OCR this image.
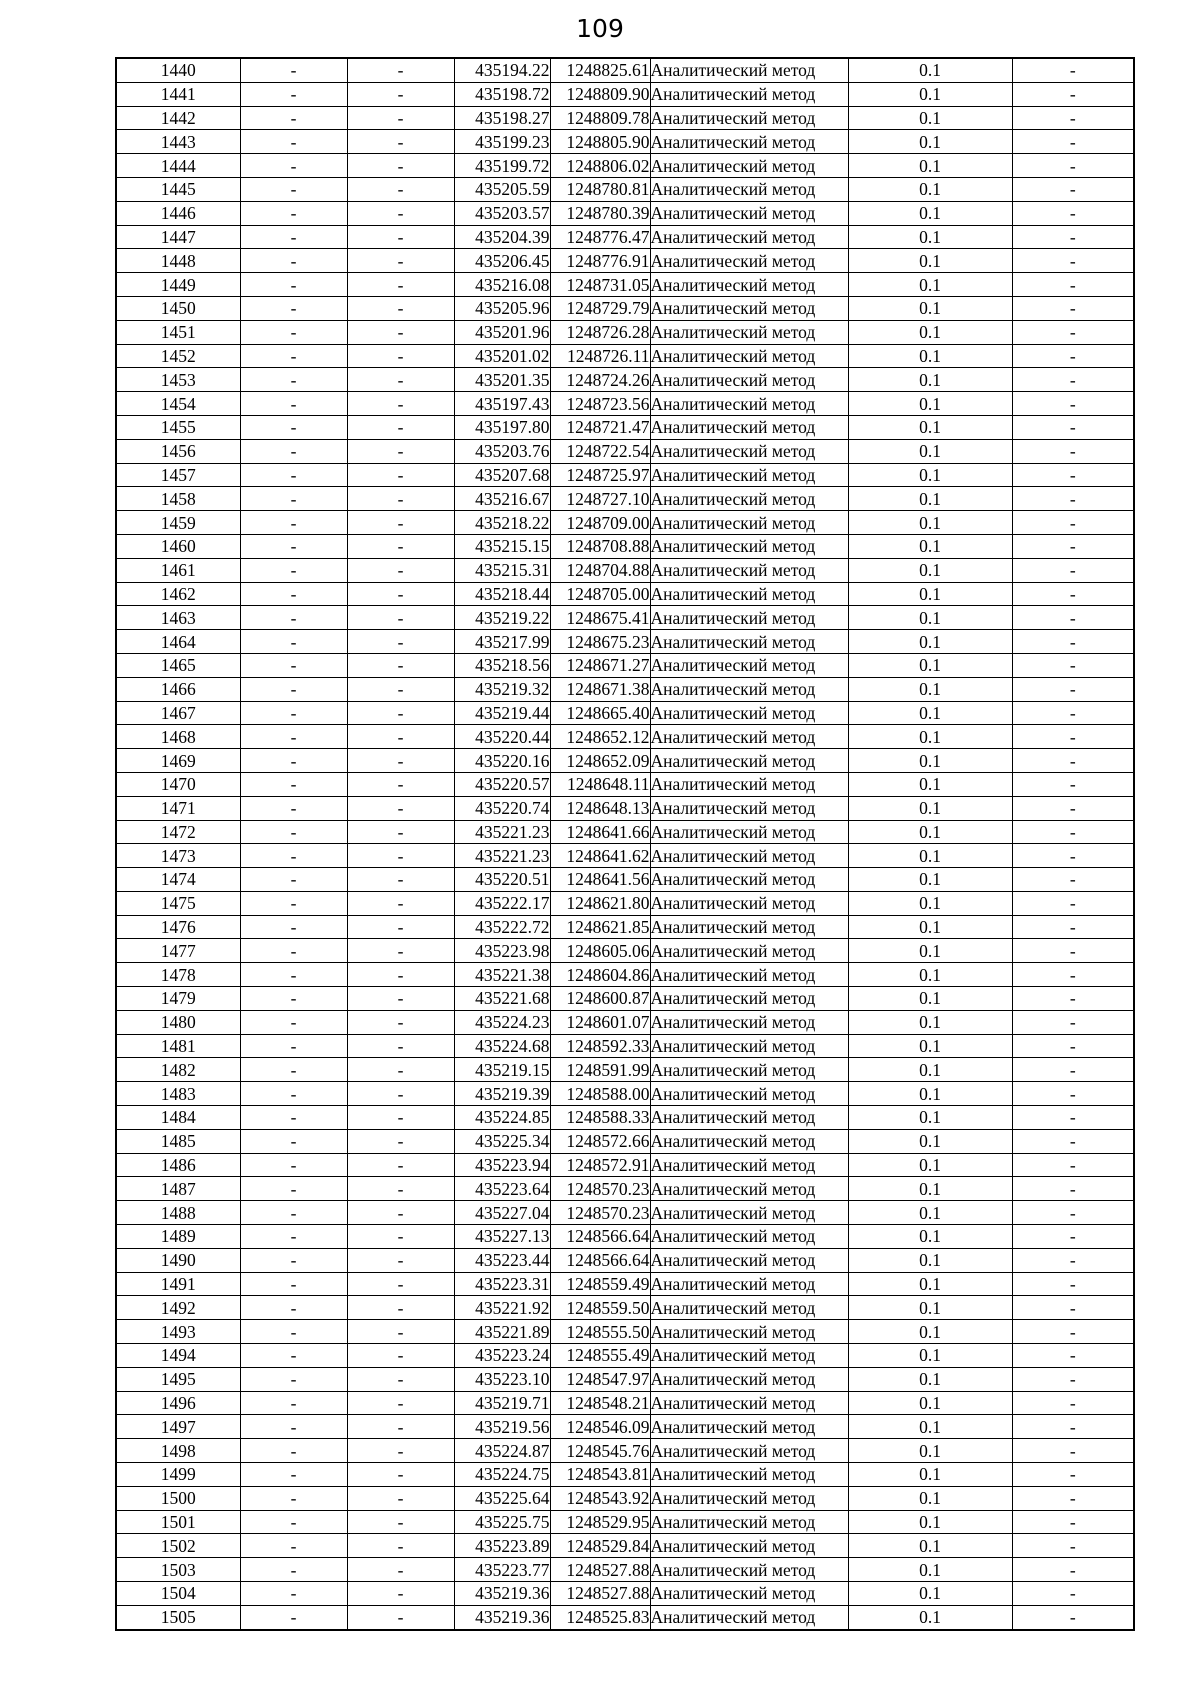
109
1440	-	-	435194.22	1248825.61	Аналитический метод	0.1	-
1441	-	-	435198.72	1248809.90	Аналитический метод	0.1	-
1442	-	-	435198.27	1248809.78	Аналитический метод	0.1	-
1443	-	-	435199.23	1248805.90	Аналитический метод	0.1	-
1444	-	-	435199.72	1248806.02	Аналитический метод	0.1	-
1445	-	-	435205.59	1248780.81	Аналитический метод	0.1	-
1446	-	-	435203.57	1248780.39	Аналитический метод	0.1	-
1447	-	-	435204.39	1248776.47	Аналитический метод	0.1	-
1448	-	-	435206.45	1248776.91	Аналитический метод	0.1	-
1449	-	-	435216.08	1248731.05	Аналитический метод	0.1	-
1450	-	-	435205.96	1248729.79	Аналитический метод	0.1	-
1451	-	-	435201.96	1248726.28	Аналитический метод	0.1	-
1452	-	-	435201.02	1248726.11	Аналитический метод	0.1	-
1453	-	-	435201.35	1248724.26	Аналитический метод	0.1	-
1454	-	-	435197.43	1248723.56	Аналитический метод	0.1	-
1455	-	-	435197.80	1248721.47	Аналитический метод	0.1	-
1456	-	-	435203.76	1248722.54	Аналитический метод	0.1	-
1457	-	-	435207.68	1248725.97	Аналитический метод	0.1	-
1458	-	-	435216.67	1248727.10	Аналитический метод	0.1	-
1459	-	-	435218.22	1248709.00	Аналитический метод	0.1	-
1460	-	-	435215.15	1248708.88	Аналитический метод	0.1	-
1461	-	-	435215.31	1248704.88	Аналитический метод	0.1	-
1462	-	-	435218.44	1248705.00	Аналитический метод	0.1	-
1463	-	-	435219.22	1248675.41	Аналитический метод	0.1	-
1464	-	-	435217.99	1248675.23	Аналитический метод	0.1	-
1465	-	-	435218.56	1248671.27	Аналитический метод	0.1	-
1466	-	-	435219.32	1248671.38	Аналитический метод	0.1	-
1467	-	-	435219.44	1248665.40	Аналитический метод	0.1	-
1468	-	-	435220.44	1248652.12	Аналитический метод	0.1	-
1469	-	-	435220.16	1248652.09	Аналитический метод	0.1	-
1470	-	-	435220.57	1248648.11	Аналитический метод	0.1	-
1471	-	-	435220.74	1248648.13	Аналитический метод	0.1	-
1472	-	-	435221.23	1248641.66	Аналитический метод	0.1	-
1473	-	-	435221.23	1248641.62	Аналитический метод	0.1	-
1474	-	-	435220.51	1248641.56	Аналитический метод	0.1	-
1475	-	-	435222.17	1248621.80	Аналитический метод	0.1	-
1476	-	-	435222.72	1248621.85	Аналитический метод	0.1	-
1477	-	-	435223.98	1248605.06	Аналитический метод	0.1	-
1478	-	-	435221.38	1248604.86	Аналитический метод	0.1	-
1479	-	-	435221.68	1248600.87	Аналитический метод	0.1	-
1480	-	-	435224.23	1248601.07	Аналитический метод	0.1	-
1481	-	-	435224.68	1248592.33	Аналитический метод	0.1	-
1482	-	-	435219.15	1248591.99	Аналитический метод	0.1	-
1483	-	-	435219.39	1248588.00	Аналитический метод	0.1	-
1484	-	-	435224.85	1248588.33	Аналитический метод	0.1	-
1485	-	-	435225.34	1248572.66	Аналитический метод	0.1	-
1486	-	-	435223.94	1248572.91	Аналитический метод	0.1	-
1487	-	-	435223.64	1248570.23	Аналитический метод	0.1	-
1488	-	-	435227.04	1248570.23	Аналитический метод	0.1	-
1489	-	-	435227.13	1248566.64	Аналитический метод	0.1	-
1490	-	-	435223.44	1248566.64	Аналитический метод	0.1	-
1491	-	-	435223.31	1248559.49	Аналитический метод	0.1	-
1492	-	-	435221.92	1248559.50	Аналитический метод	0.1	-
1493	-	-	435221.89	1248555.50	Аналитический метод	0.1	-
1494	-	-	435223.24	1248555.49	Аналитический метод	0.1	-
1495	-	-	435223.10	1248547.97	Аналитический метод	0.1	-
1496	-	-	435219.71	1248548.21	Аналитический метод	0.1	-
1497	-	-	435219.56	1248546.09	Аналитический метод	0.1	-
1498	-	-	435224.87	1248545.76	Аналитический метод	0.1	-
1499	-	-	435224.75	1248543.81	Аналитический метод	0.1	-
1500	-	-	435225.64	1248543.92	Аналитический метод	0.1	-
1501	-	-	435225.75	1248529.95	Аналитический метод	0.1	-
1502	-	-	435223.89	1248529.84	Аналитический метод	0.1	-
1503	-	-	435223.77	1248527.88	Аналитический метод	0.1	-
1504	-	-	435219.36	1248527.88	Аналитический метод	0.1	-
1505	-	-	435219.36	1248525.83	Аналитический метод	0.1	-
